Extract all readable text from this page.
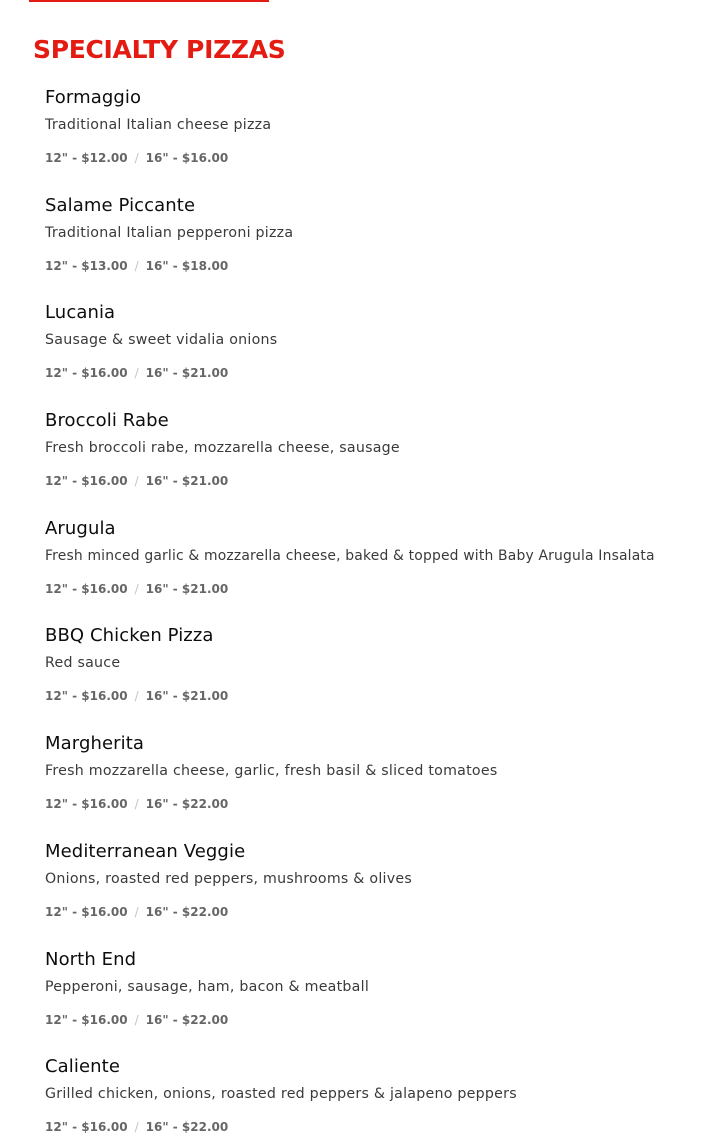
SPECIALTY PIZZAS
Formaggio
Traditional Italian cheese pizza
12" - $12.00 / 16" - $16.00
Salame Piccante
Traditional Italian pepperoni pizza
12" - $13.00 / 16" - $18.00
Lucania
Sausage & sweet vidalia onions
12" - $16.00 / 16" - $21.00
Broccoli Rabe
Fresh broccoli rabe, mozzarella cheese, sausage
12" - $16.00 / 16" - $21.00
Arugula
Fresh minced garlic & mozzarella cheese, baked & topped with Baby Arugula Insalata
12" - $16.00 / 16" - $21.00
BBQ Chicken Pizza
Red sauce
12" - $16.00 / 16" - $21.00
Margherita
Fresh mozzarella cheese, garlic, fresh basil & sliced tomatoes
12" - $16.00 / 16" - $22.00
Mediterranean Veggie
Onions, roasted red peppers, mushrooms & olives
12" - $16.00 / 16" - $22.00
North End
Pepperoni, sausage, ham, bacon & meatball
12" - $16.00 / 16" - $22.00
Caliente
Grilled chicken, onions, roasted red peppers & jalapeno peppers
12" - $16.00 / 16" - $22.00
